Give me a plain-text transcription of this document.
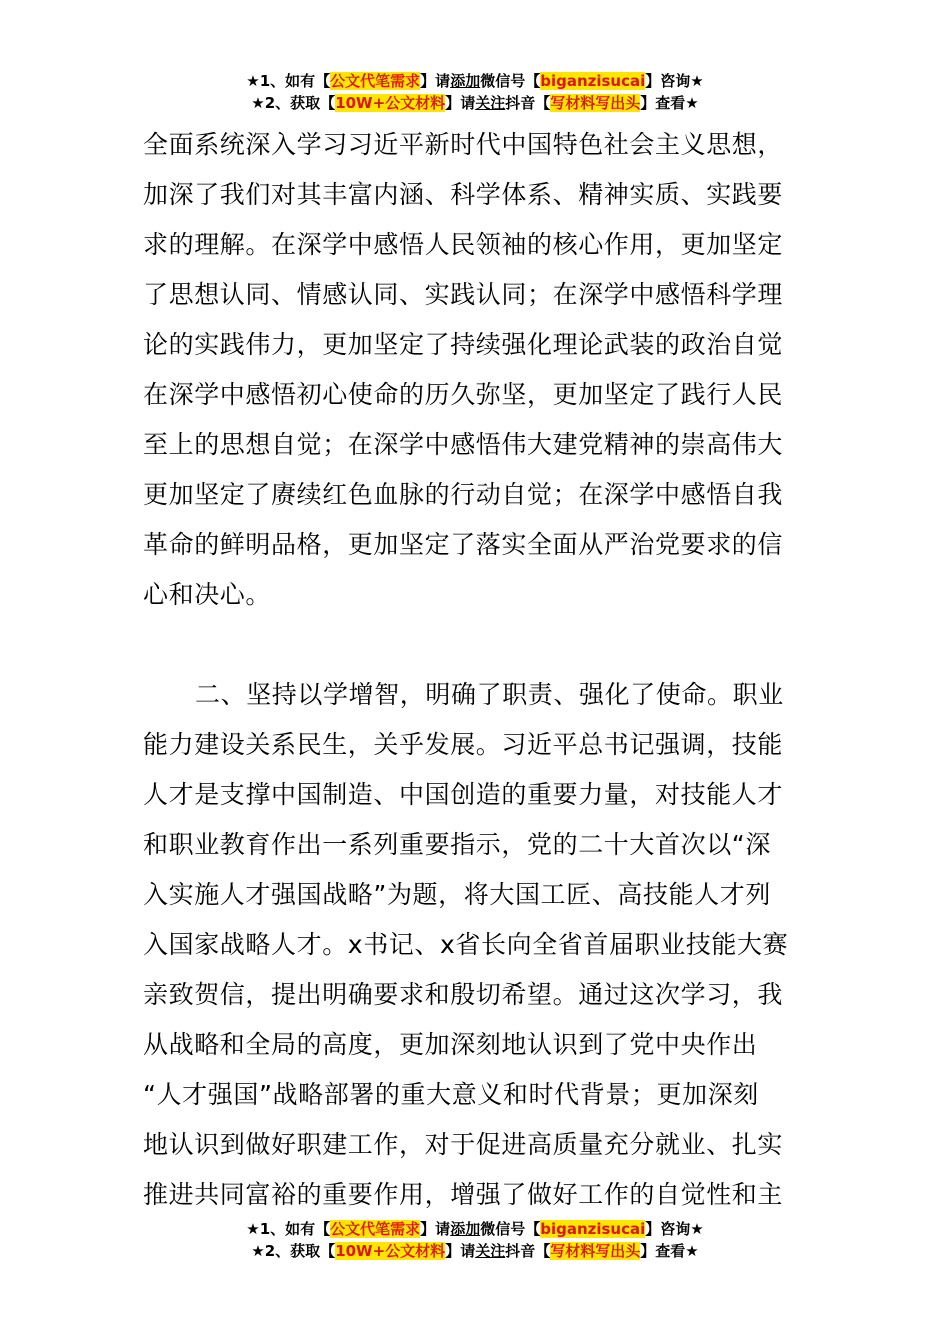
★1、如有【公文代笔需求】请添加微信号【biganzisucai】咨询★
★2、获取【10W+公文材料】请关注抖音【写材料写出头】查看★
全面系统深入学习习近平新时代中国特色社会主义思想，
加深了我们对其丰富内涵、科学体系、精神实质、实践要
求的理解。在深学中感悟人民领袖的核心作用，更加坚定
了思想认同、情感认同、实践认同；在深学中感悟科学理
论的实践伟力，更加坚定了持续强化理论武装的政治自觉
在深学中感悟初心使命的历久弥坚，更加坚定了践行人民
至上的思想自觉；在深学中感悟伟大建党精神的崇高伟大
更加坚定了赓续红色血脉的行动自觉；在深学中感悟自我
革命的鲜明品格，更加坚定了落实全面从严治党要求的信
心和决心。
二、坚持以学增智，明确了职责、强化了使命。职业
能力建设关系民生，关乎发展。习近平总书记强调，技能
人才是支撑中国制造、中国创造的重要力量，对技能人才
和职业教育作出一系列重要指示，党的二十大首次以“深
入实施人才强国战略”为题，将大国工匠、高技能人才列
入国家战略人才。x书记、x省长向全省首届职业技能大赛
亲致贺信，提出明确要求和殷切希望。通过这次学习，我
从战略和全局的高度，更加深刻地认识到了党中央作出
“人才强国”战略部署的重大意义和时代背景；更加深刻
地认识到做好职建工作，对于促进高质量充分就业、扎实
推进共同富裕的重要作用，增强了做好工作的自觉性和主
★1、如有【公文代笔需求】请添加微信号【biganzisucai】咨询★
★2、获取【10W+公文材料】请关注抖音【写材料写出头】查看★
